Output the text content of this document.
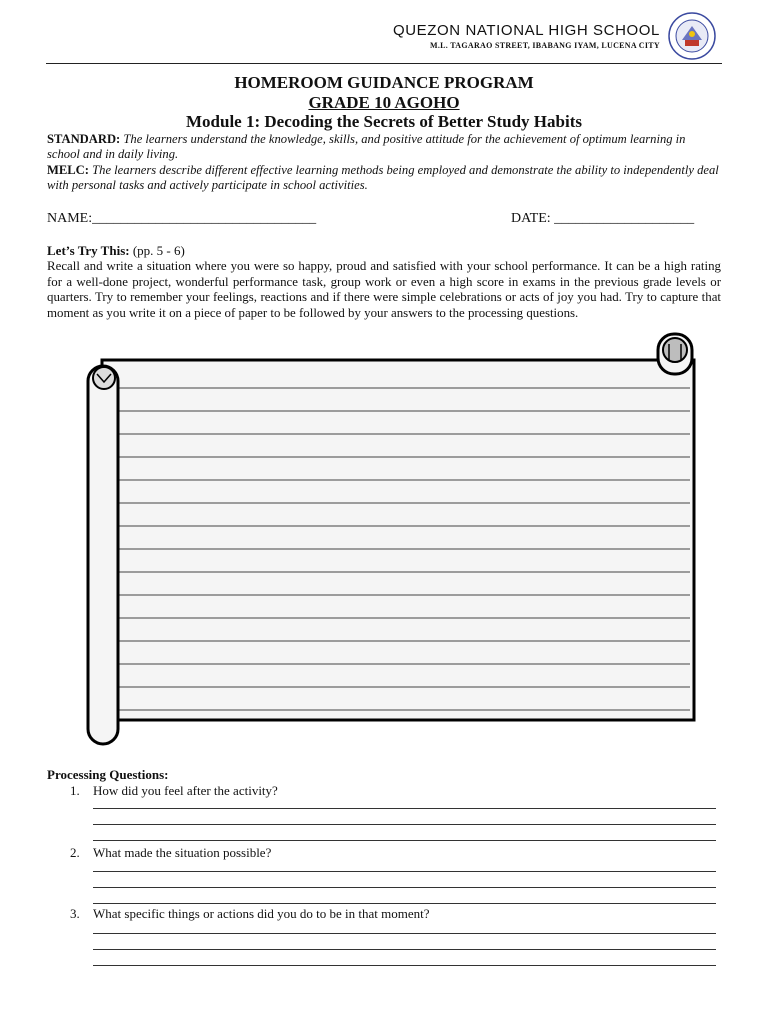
QUEZON NATIONAL HIGH SCHOOL
M.L. TAGARAO STREET, IBABANG IYAM, LUCENA CITY
HOMEROOM GUIDANCE PROGRAM
GRADE 10 AGOHO
Module 1: Decoding the Secrets of Better Study Habits
STANDARD: The learners understand the knowledge, skills, and positive attitude for the achievement of optimum learning in school and in daily living.
MELC: The learners describe different effective learning methods being employed and demonstrate the ability to independently deal with personal tasks and actively participate in school activities.
NAME:________________________________	DATE: ____________________
Let’s Try This: (pp. 5 - 6)
Recall and write a situation where you were so happy, proud and satisfied with your school performance. It can be a high rating for a well-done project, wonderful performance task, group work or even a high score in exams in the previous grade levels or quarters. Try to remember your feelings, reactions and if there were simple celebrations or acts of joy you had. Try to capture that moment as you write it on a piece of paper to be followed by your answers to the processing questions.
Processing Questions:
1. How did you feel after the activity?
2. What made the situation possible?
3. What specific things or actions did you do to be in that moment?
